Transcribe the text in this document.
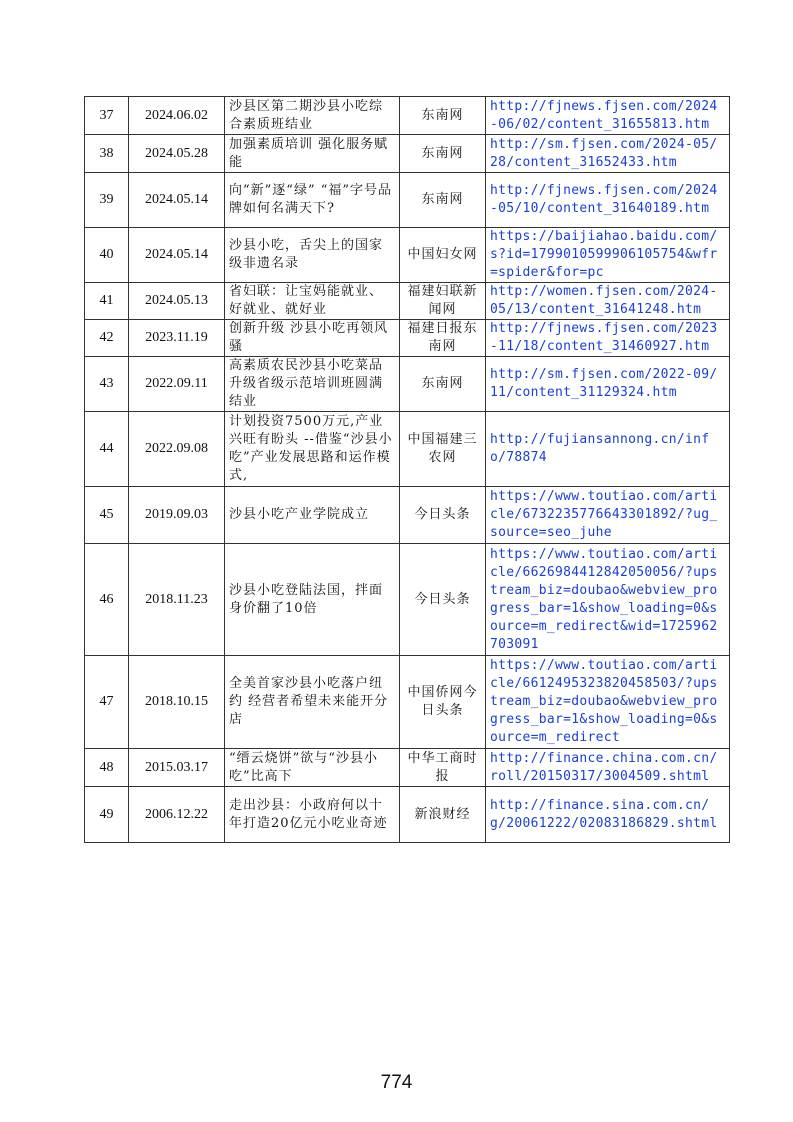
37	2024.06.02	沙县区第二期沙县小吃综合素质班结业	东南网	http://fjnews.fjsen.com/2024-06/02/content_31655813.htm
38	2024.05.28	加强素质培训 强化服务赋能	东南网	http://sm.fjsen.com/2024-05/28/content_31652433.htm
39	2024.05.14	向“新”逐“绿” “福”字号品牌如何名满天下?	东南网	http://fjnews.fjsen.com/2024-05/10/content_31640189.htm
40	2024.05.14	沙县小吃，舌尖上的国家级非遗名录	中国妇女网	https://baijiahao.baidu.com/s?id=1799010599906105754&wfr=spider&for=pc
41	2024.05.13	省妇联：让宝妈能就业、好就业、就好业	福建妇联新闻网	http://women.fjsen.com/2024-05/13/content_31641248.htm
42	2023.11.19	创新升级 沙县小吃再领风骚	福建日报东南网	http://fjnews.fjsen.com/2023-11/18/content_31460927.htm
43	2022.09.11	高素质农民沙县小吃菜品升级省级示范培训班圆满结业	东南网	http://sm.fjsen.com/2022-09/11/content_31129324.htm
44	2022.09.08	计划投资7500万元,产业兴旺有盼头 --借鉴“沙县小吃”产业发展思路和运作模式,	中国福建三农网	http://fujiansannong.cn/info/78874
45	2019.09.03	沙县小吃产业学院成立	今日头条	https://www.toutiao.com/article/6732235776643301892/?ug_source=seo_juhe
46	2018.11.23	沙县小吃登陆法国，拌面身价翻了10倍	今日头条	https://www.toutiao.com/article/6626984412842050056/?upstream_biz=doubao&webview_progress_bar=1&show_loading=0&source=m_redirect&wid=1725962703091
47	2018.10.15	全美首家沙县小吃落户纽约 经营者希望未来能开分店	中国侨网今日头条	https://www.toutiao.com/article/6612495323820458503/?upstream_biz=doubao&webview_progress_bar=1&show_loading=0&source=m_redirect
48	2015.03.17	“缙云烧饼”欲与“沙县小吃”比高下	中华工商时报	http://finance.china.com.cn/roll/20150317/3004509.shtml
49	2006.12.22	走出沙县：小政府何以十年打造20亿元小吃业奇迹	新浪财经	http://finance.sina.com.cn/g/20061222/02083186829.shtml
774
